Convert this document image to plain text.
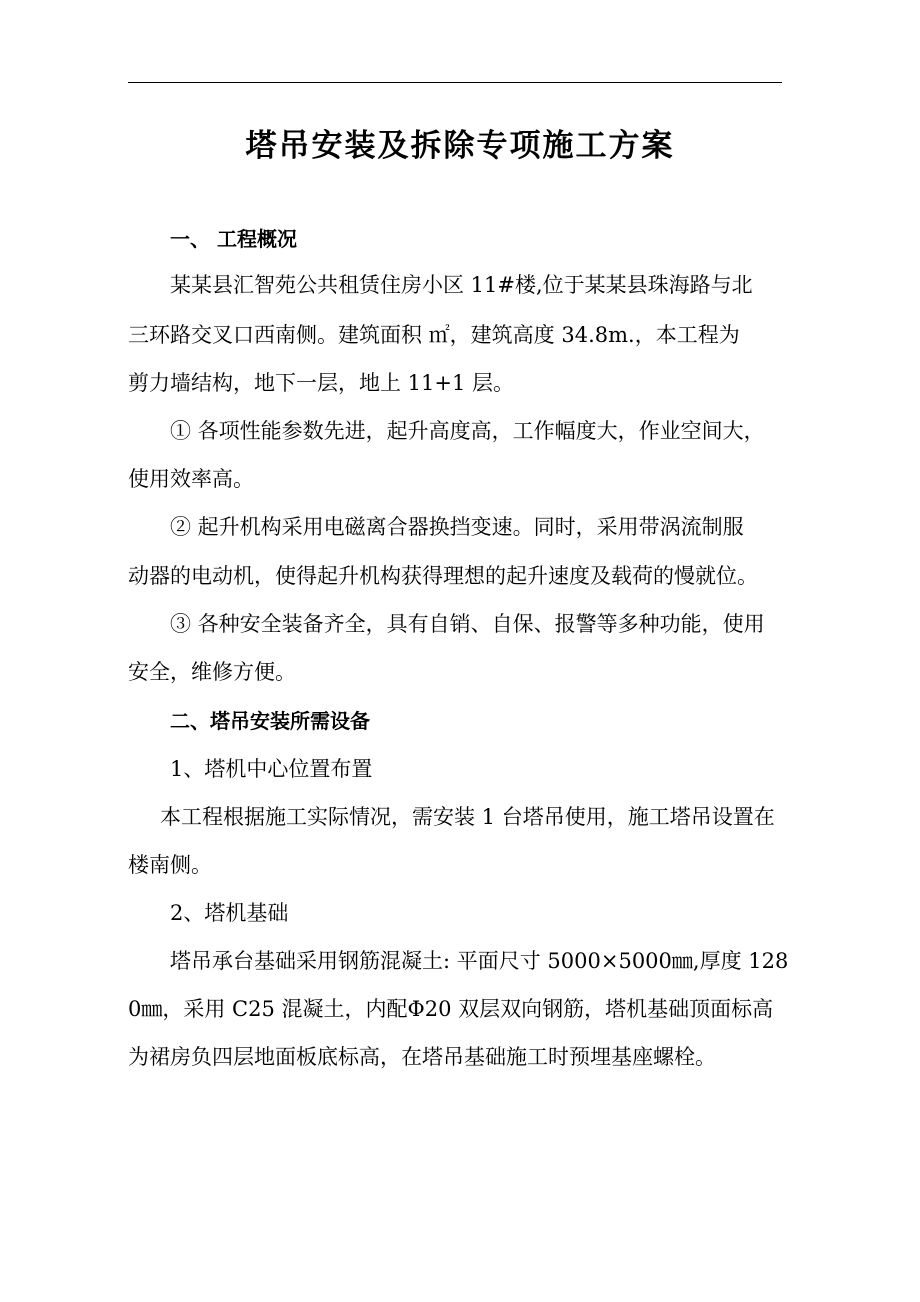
塔吊安装及拆除专项施工方案
一、 工程概况
某某县汇智苑公共租赁住房小区 11#楼,位于某某县珠海路与北
三环路交叉口西南侧。建筑面积 ㎡，建筑高度 34.8m.，本工程为
剪力墙结构，地下一层，地上 11+1 层。
① 各项性能参数先进，起升高度高，工作幅度大，作业空间大，
使用效率高。
② 起升机构采用电磁离合器换挡变速。同时，采用带涡流制服
动器的电动机，使得起升机构获得理想的起升速度及载荷的慢就位。
③ 各种安全装备齐全，具有自销、自保、报警等多种功能，使用
安全，维修方便。
二、塔吊安装所需设备
1、塔机中心位置布置
本工程根据施工实际情况，需安装 1 台塔吊使用，施工塔吊设置在
楼南侧。
2、塔机基础
塔吊承台基础采用钢筋混凝土: 平面尺寸 5000×5000㎜,厚度 128
0㎜，采用 C25 混凝土，内配Φ20 双层双向钢筋，塔机基础顶面标高
为裙房负四层地面板底标高，在塔吊基础施工时预埋基座螺栓。
